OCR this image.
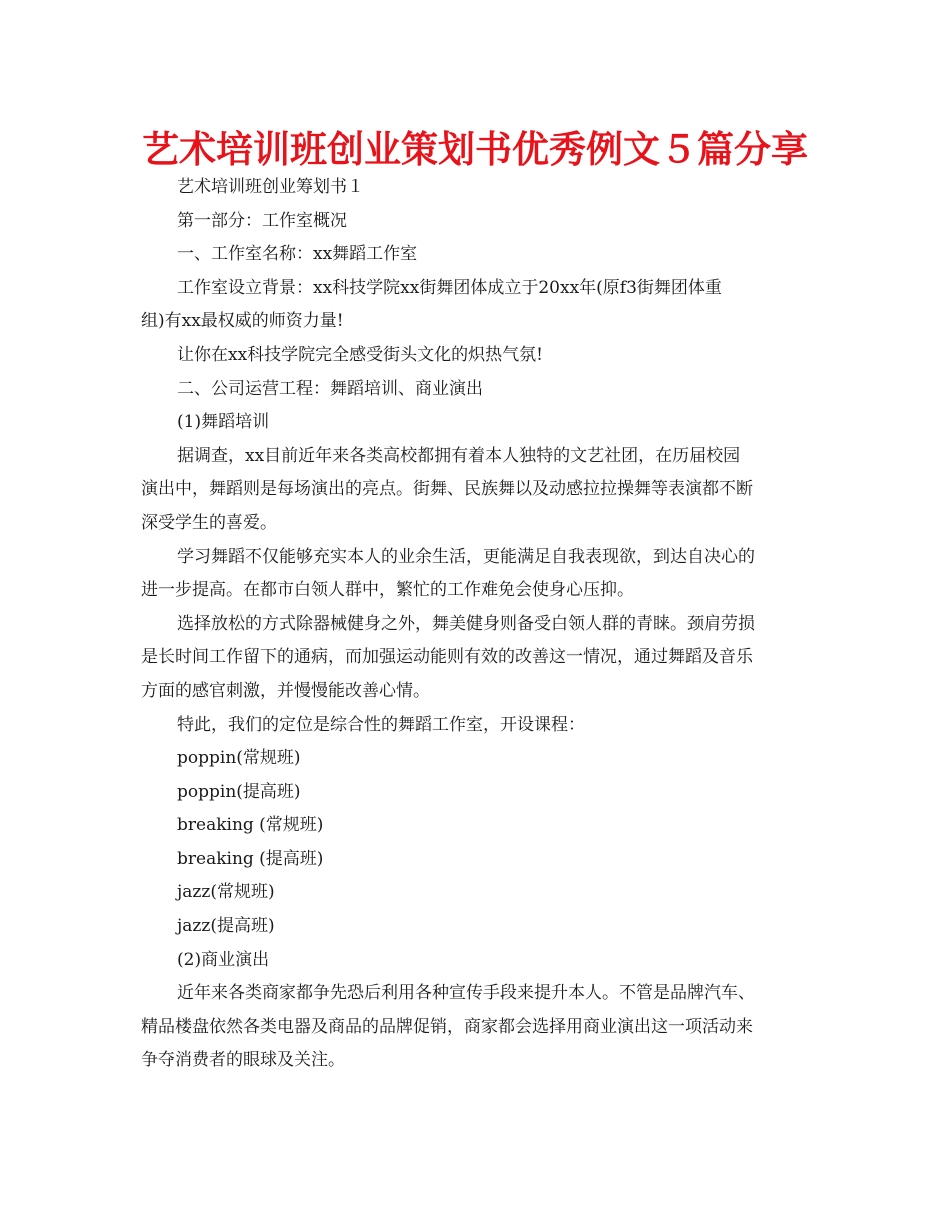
艺术培训班创业策划书优秀例文５篇分享
艺术培训班创业筹划书１
第一部分：工作室概况
一、工作室名称：xx舞蹈工作室
工作室设立背景：xx科技学院xx街舞团体成立于20xx年(原f3街舞团体重
组)有xx最权威的师资力量!
让你在xx科技学院完全感受街头文化的炽热气氛!
二、公司运营工程：舞蹈培训、商业演出
(1)舞蹈培训
据调查，xx目前近年来各类高校都拥有着本人独特的文艺社团，在历届校园
演出中，舞蹈则是每场演出的亮点。街舞、民族舞以及动感拉拉操舞等表演都不断
深受学生的喜爱。
学习舞蹈不仅能够充实本人的业余生活，更能满足自我表现欲，到达自决心的
进一步提高。在都市白领人群中，繁忙的工作难免会使身心压抑。
选择放松的方式除器械健身之外，舞美健身则备受白领人群的青睐。颈肩劳损
是长时间工作留下的通病，而加强运动能则有效的改善这一情况，通过舞蹈及音乐
方面的感官刺激，并慢慢能改善心情。
特此，我们的定位是综合性的舞蹈工作室，开设课程：
poppin(常规班)
poppin(提高班)
breaking (常规班)
breaking (提高班)
jazz(常规班)
jazz(提高班)
(2)商业演出
近年来各类商家都争先恐后利用各种宣传手段来提升本人。不管是品牌汽车、
精品楼盘依然各类电器及商品的品牌促销，商家都会选择用商业演出这一项活动来
争夺消费者的眼球及关注。
